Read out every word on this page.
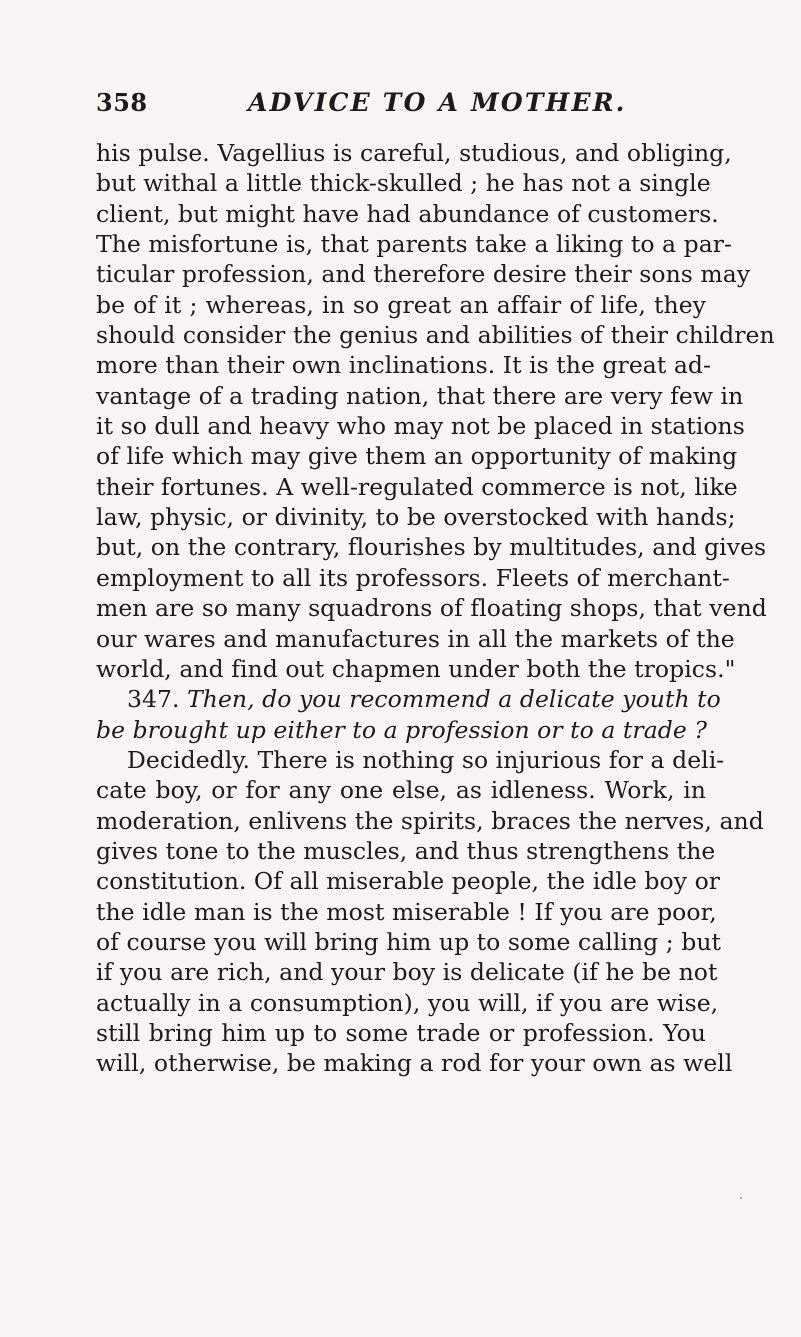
358	ADVICE TO A MOTHER.
his pulse. Vagellius is careful, studious, and obliging,
but withal a little thick-skulled ; he has not a single
client, but might have had abundance of customers.
The misfortune is, that parents take a liking to a par-
ticular profession, and therefore desire their sons may
be of it ; whereas, in so great an affair of life, they
should consider the genius and abilities of their children
more than their own inclinations. It is the great ad-
vantage of a trading nation, that there are very few in
it so dull and heavy who may not be placed in stations
of life which may give them an opportunity of making
their fortunes. A well-regulated commerce is not, like
law, physic, or divinity, to be overstocked with hands;
but, on the contrary, flourishes by multitudes, and gives
employment to all its professors. Fleets of merchant-
men are so many squadrons of floating shops, that vend
our wares and manufactures in all the markets of the
world, and find out chapmen under both the tropics."
347. Then, do you recommend a delicate youth to
be brought up either to a profession or to a trade ?
Decidedly. There is nothing so injurious for a deli-
cate boy, or for any one else, as idleness. Work, in
moderation, enlivens the spirits, braces the nerves, and
gives tone to the muscles, and thus strengthens the
constitution. Of all miserable people, the idle boy or
the idle man is the most miserable ! If you are poor,
of course you will bring him up to some calling ; but
if you are rich, and your boy is delicate (if he be not
actually in a consumption), you will, if you are wise,
still bring him up to some trade or profession. You
will, otherwise, be making a rod for your own as well
